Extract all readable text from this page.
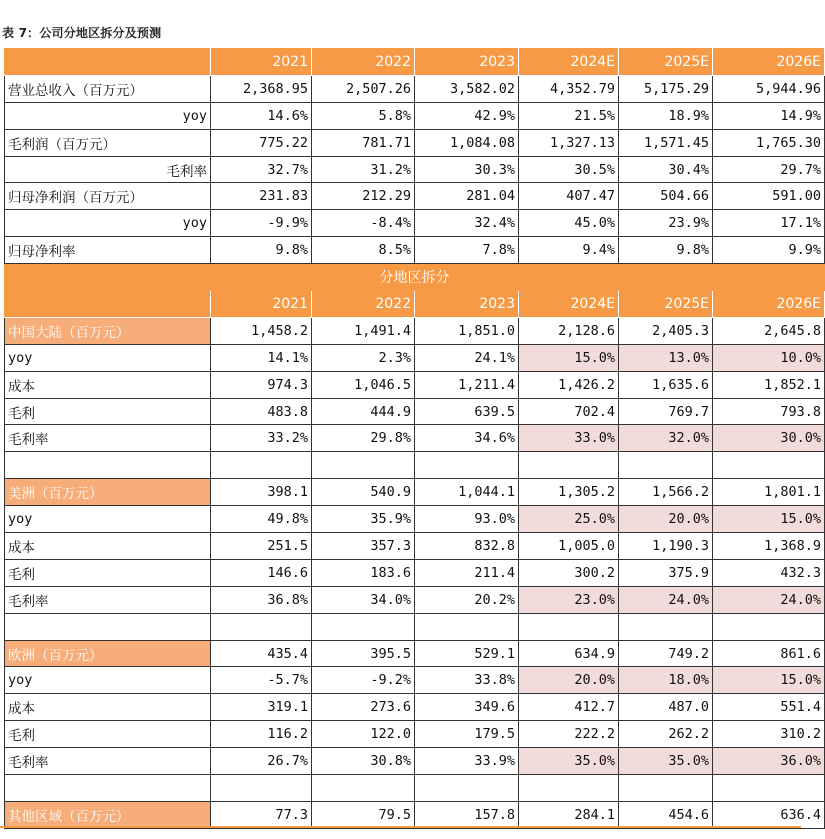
表 7：公司分地区拆分及预测
	2021	2022	2023	2024E	2025E	2026E
营业总收入（百万元）	2,368.95	2,507.26	3,582.02	4,352.79	5,175.29	5,944.96
yoy	14.6%	5.8%	42.9%	21.5%	18.9%	14.9%
毛利润（百万元）	775.22	781.71	1,084.08	1,327.13	1,571.45	1,765.30
毛利率	32.7%	31.2%	30.3%	30.5%	30.4%	29.7%
归母净利润（百万元）	231.83	212.29	281.04	407.47	504.66	591.00
yoy	-9.9%	-8.4%	32.4%	45.0%	23.9%	17.1%
归母净利率	9.8%	8.5%	7.8%	9.4%	9.8%	9.9%
分地区拆分						
	2021	2022	2023	2024E	2025E	2026E
中国大陆（百万元）	1,458.2	1,491.4	1,851.0	2,128.6	2,405.3	2,645.8
yoy	14.1%	2.3%	24.1%	15.0%	13.0%	10.0%
成本	974.3	1,046.5	1,211.4	1,426.2	1,635.6	1,852.1
毛利	483.8	444.9	639.5	702.4	769.7	793.8
毛利率	33.2%	29.8%	34.6%	33.0%	32.0%	30.0%

美洲（百万元）	398.1	540.9	1,044.1	1,305.2	1,566.2	1,801.1
yoy	49.8%	35.9%	93.0%	25.0%	20.0%	15.0%
成本	251.5	357.3	832.8	1,005.0	1,190.3	1,368.9
毛利	146.6	183.6	211.4	300.2	375.9	432.3
毛利率	36.8%	34.0%	20.2%	23.0%	24.0%	24.0%

欧洲（百万元）	435.4	395.5	529.1	634.9	749.2	861.6
yoy	-5.7%	-9.2%	33.8%	20.0%	18.0%	15.0%
成本	319.1	273.6	349.6	412.7	487.0	551.4
毛利	116.2	122.0	179.5	222.2	262.2	310.2
毛利率	26.7%	30.8%	33.9%	35.0%	35.0%	36.0%

其他区域（百万元）	77.3	79.5	157.8	284.1	454.6	636.4
